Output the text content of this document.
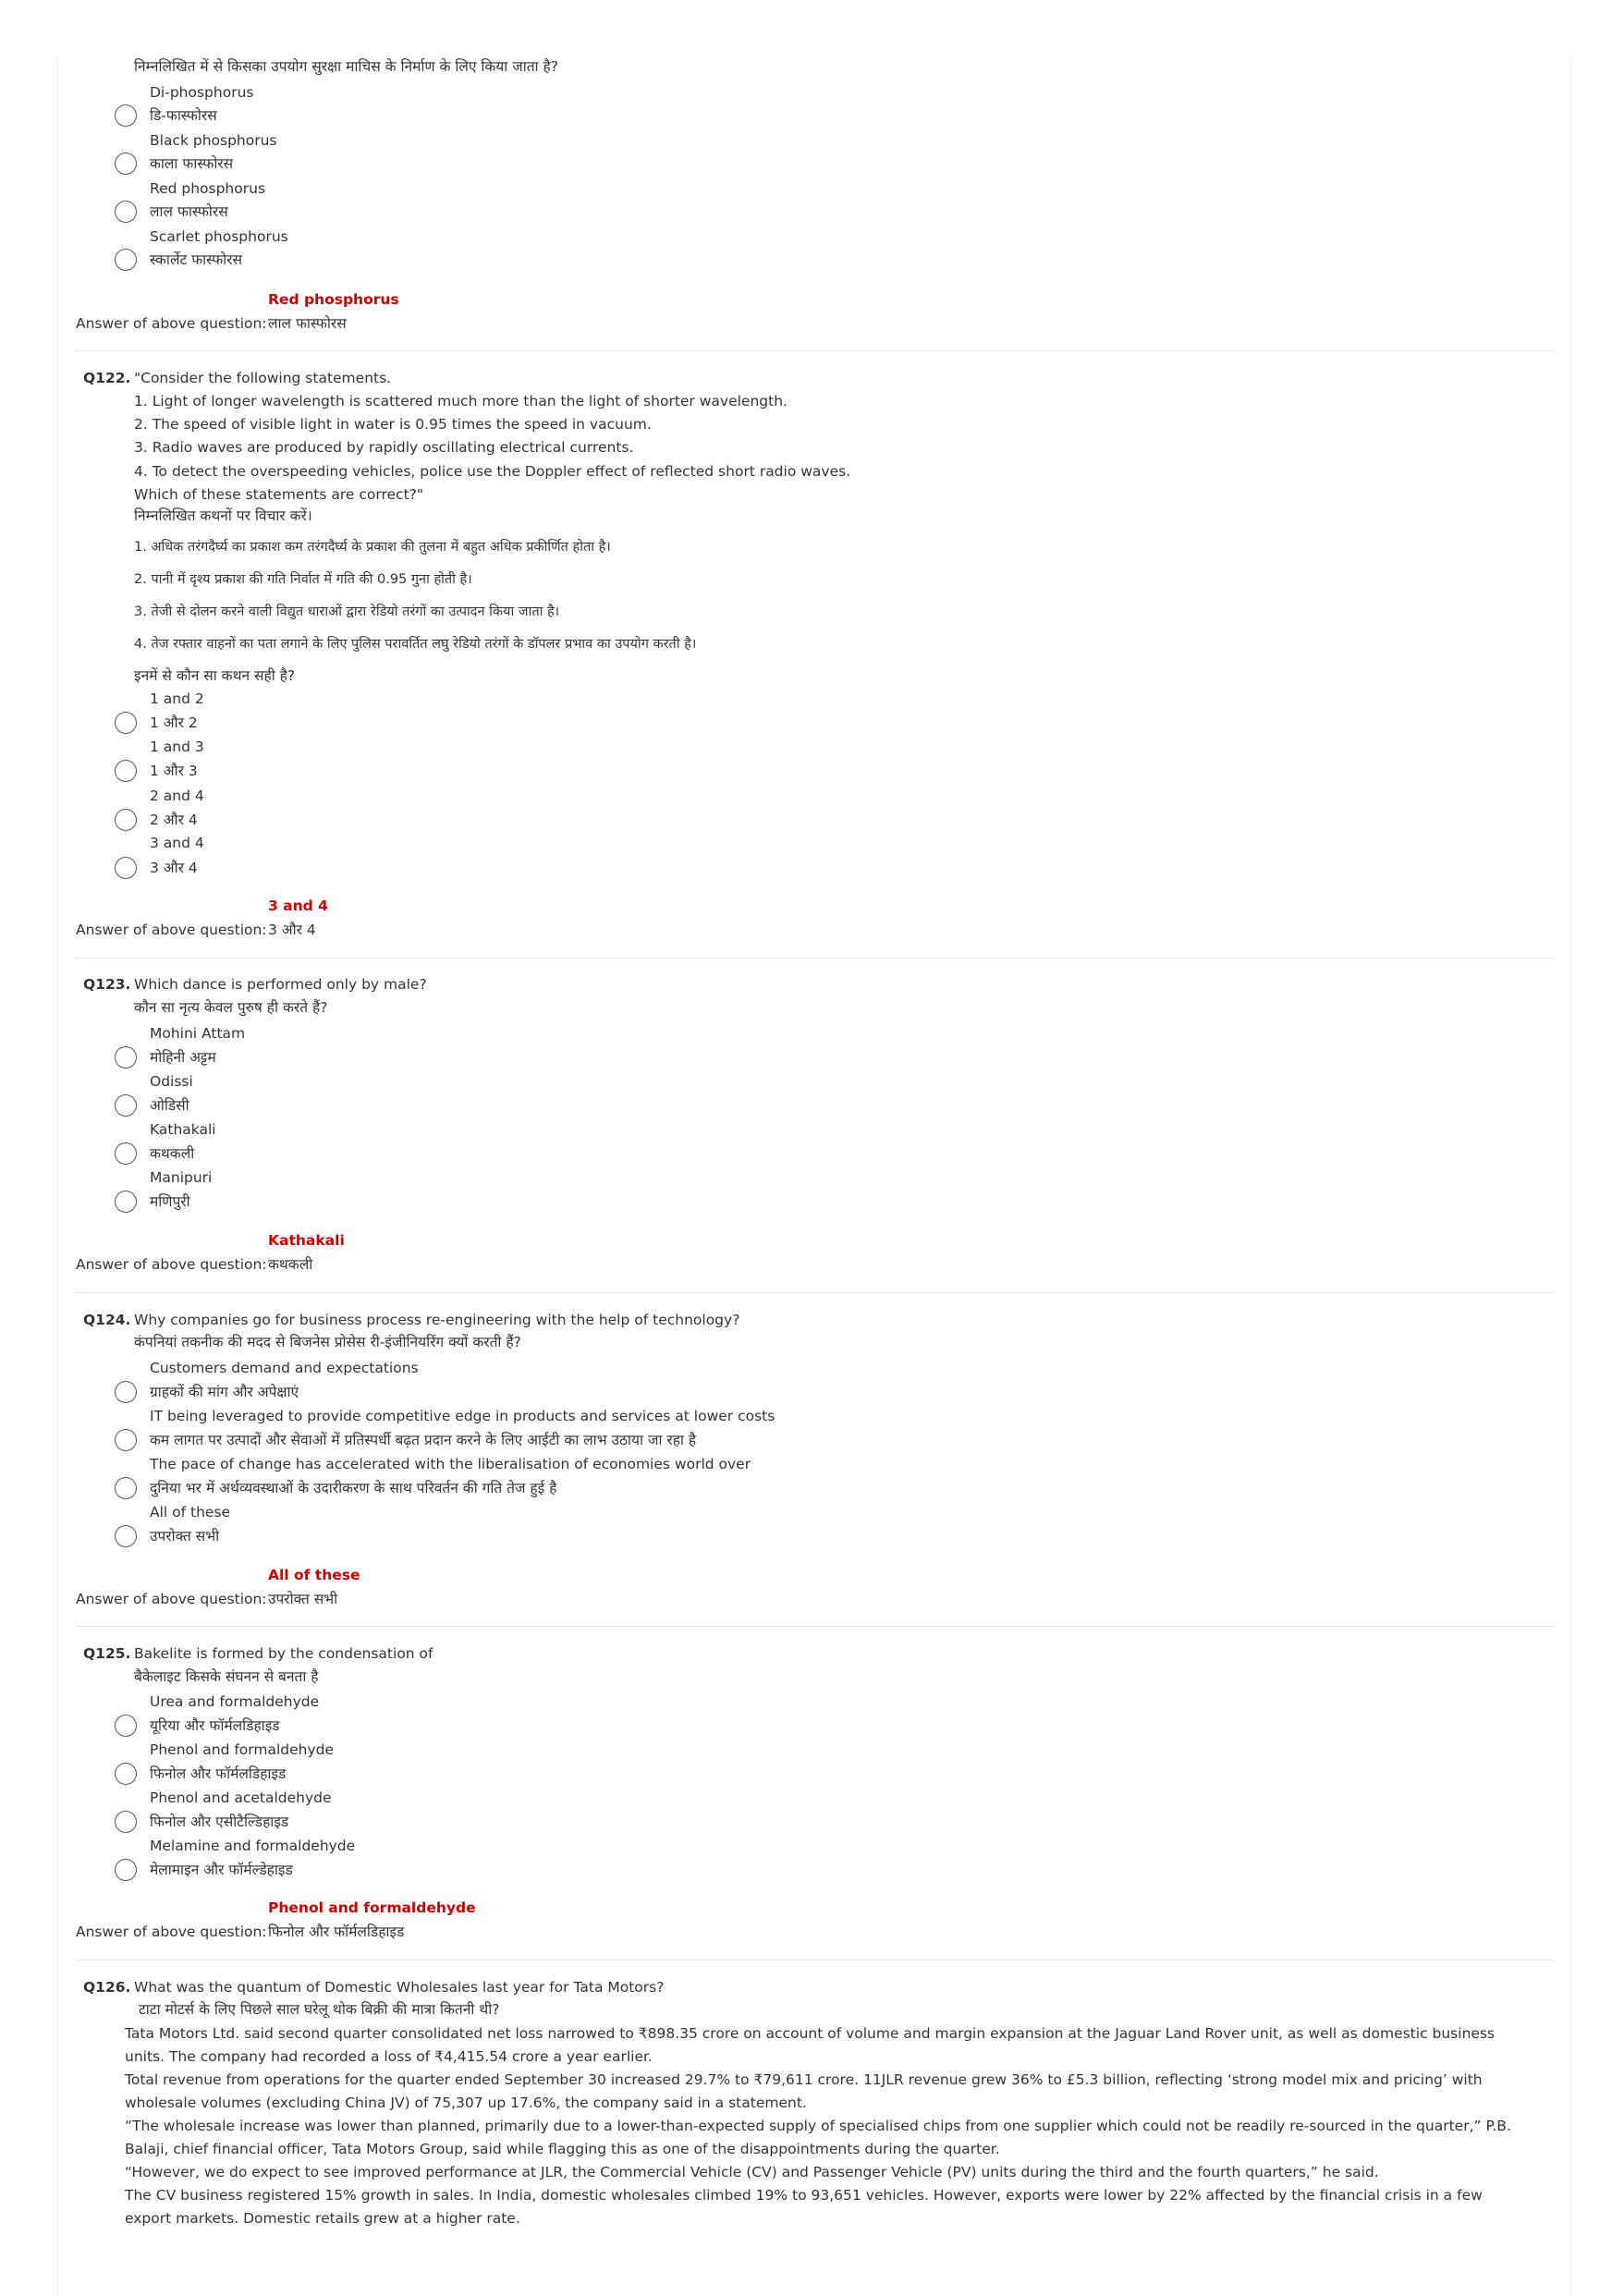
निम्नलिखित में से किसका उपयोग सुरक्षा माचिस के निर्माण के लिए किया जाता है?
Di-phosphorus
डि-फास्फोरस
Black phosphorus
काला फास्फोरस
Red phosphorus
लाल फास्फोरस
Scarlet phosphorus
स्कार्लेट फास्फोरस
Red phosphorus
Answer of above question: लाल फास्फोरस
Q122. "Consider the following statements.
1. Light of longer wavelength is scattered much more than the light of shorter wavelength.
2. The speed of visible light in water is 0.95 times the speed in vacuum.
3. Radio waves are produced by rapidly oscillating electrical currents.
4. To detect the overspeeding vehicles, police use the Doppler effect of reflected short radio waves.
Which of these statements are correct?"
निम्नलिखित कथनों पर विचार करें।
1. अधिक तरंगदैर्घ्य का प्रकाश कम तरंगदैर्घ्य के प्रकाश की तुलना में बहुत अधिक प्रकीर्णित होता है।
2. पानी में दृश्य प्रकाश की गति निर्वात में गति की 0.95 गुना होती है।
3. तेजी से दोलन करने वाली विद्युत धाराओं द्वारा रेडियो तरंगों का उत्पादन किया जाता है।
4. तेज रफ्तार वाहनों का पता लगाने के लिए पुलिस परावर्तित लघु रेडियो तरंगों के डॉपलर प्रभाव का उपयोग करती है।
इनमें से कौन सा कथन सही है?
1 and 2
1 और 2
1 and 3
1 और 3
2 and 4
2 और 4
3 and 4
3 और 4
3 and 4
Answer of above question: 3 और 4
Q123. Which dance is performed only by male?
कौन सा नृत्य केवल पुरुष ही करते हैं?
Mohini Attam
मोहिनी अट्टम
Odissi
ओडिसी
Kathakali
कथकली
Manipuri
मणिपुरी
Kathakali
Answer of above question: कथकली
Q124. Why companies go for business process re-engineering with the help of technology?
कंपनियां तकनीक की मदद से बिजनेस प्रोसेस री-इंजीनियरिंग क्यों करती हैं?
Customers demand and expectations
ग्राहकों की मांग और अपेक्षाएं
IT being leveraged to provide competitive edge in products and services at lower costs
कम लागत पर उत्पादों और सेवाओं में प्रतिस्पर्धी बढ़त प्रदान करने के लिए आईटी का लाभ उठाया जा रहा है
The pace of change has accelerated with the liberalisation of economies world over
दुनिया भर में अर्थव्यवस्थाओं के उदारीकरण के साथ परिवर्तन की गति तेज हुई है
All of these
उपरोक्त सभी
All of these
Answer of above question: उपरोक्त सभी
Q125. Bakelite is formed by the condensation of
बैकेलाइट किसके संघनन से बनता है
Urea and formaldehyde
यूरिया और फॉर्मलडिहाइड
Phenol and formaldehyde
फिनोल और फॉर्मलडिहाइड
Phenol and acetaldehyde
फिनोल और एसीटैल्डिहाइड
Melamine and formaldehyde
मेलामाइन और फॉर्मल्डेहाइड
Phenol and formaldehyde
Answer of above question: फिनोल और फॉर्मलडिहाइड
Q126. What was the quantum of Domestic Wholesales last year for Tata Motors?
टाटा मोटर्स के लिए पिछले साल घरेलू थोक बिक्री की मात्रा कितनी थी?
Tata Motors Ltd. said second quarter consolidated net loss narrowed to ₹898.35 crore on account of volume and margin expansion at the Jaguar Land Rover unit, as well as domestic business units. The company had recorded a loss of ₹4,415.54 crore a year earlier.
Total revenue from operations for the quarter ended September 30 increased 29.7% to ₹79,611 crore. 11JLR revenue grew 36% to £5.3 billion, reflecting ‘strong model mix and pricing’ with wholesale volumes (excluding China JV) of 75,307 up 17.6%, the company said in a statement.
“The wholesale increase was lower than planned, primarily due to a lower-than-expected supply of specialised chips from one supplier which could not be readily re-sourced in the quarter,” P.B. Balaji, chief financial officer, Tata Motors Group, said while flagging this as one of the disappointments during the quarter.
“However, we do expect to see improved performance at JLR, the Commercial Vehicle (CV) and Passenger Vehicle (PV) units during the third and the fourth quarters,” he said.
The CV business registered 15% growth in sales. In India, domestic wholesales climbed 19% to 93,651 vehicles. However, exports were lower by 22% affected by the financial crisis in a few export markets. Domestic retails grew at a higher rate.
